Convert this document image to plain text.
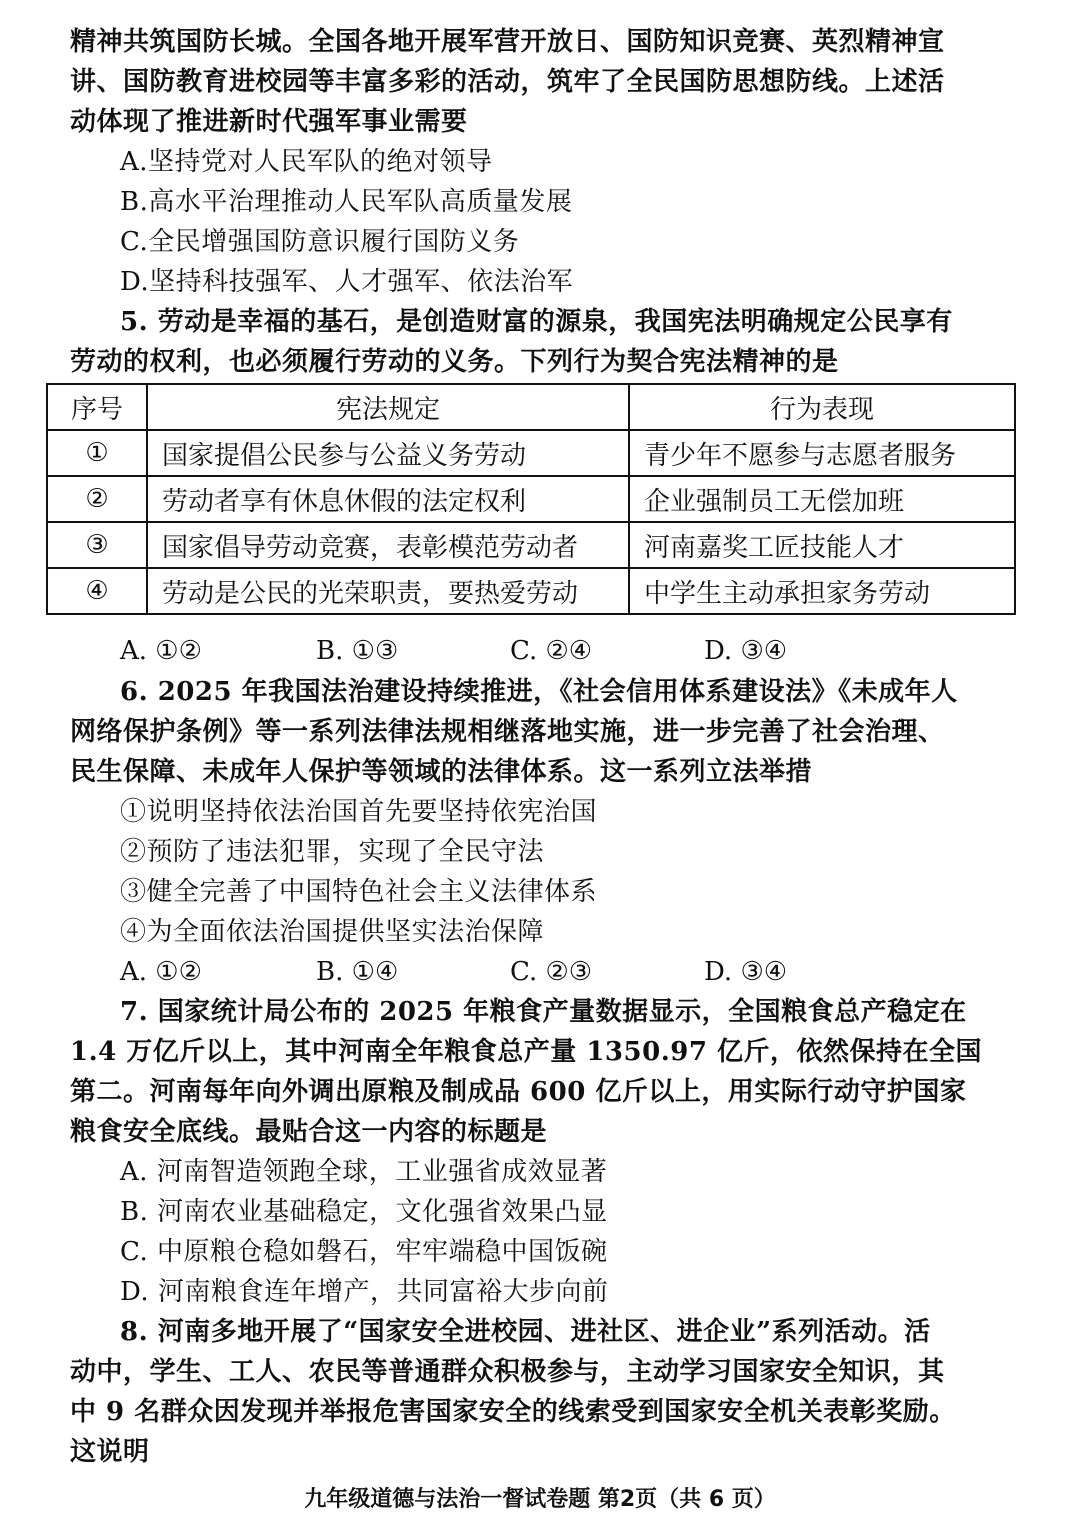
精神共筑国防长城。全国各地开展军营开放日、国防知识竞赛、英烈精神宣
讲、国防教育进校园等丰富多彩的活动，筑牢了全民国防思想防线。上述活
动体现了推进新时代强军事业需要
A.坚持党对人民军队的绝对领导
B.高水平治理推动人民军队高质量发展
C.全民增强国防意识履行国防义务
D.坚持科技强军、人才强军、依法治军
5. 劳动是幸福的基石，是创造财富的源泉，我国宪法明确规定公民享有
劳动的权利，也必须履行劳动的义务。下列行为契合宪法精神的是
序号	宪法规定	行为表现
①	国家提倡公民参与公益义务劳动	青少年不愿参与志愿者服务
②	劳动者享有休息休假的法定权利	企业强制员工无偿加班
③	国家倡导劳动竞赛，表彰模范劳动者	河南嘉奖工匠技能人才
④	劳动是公民的光荣职责，要热爱劳动	中学生主动承担家务劳动
A. ①②	B. ①③	C. ②④	D. ③④
6. 2025 年我国法治建设持续推进，《社会信用体系建设法》《未成年人
网络保护条例》等一系列法律法规相继落地实施，进一步完善了社会治理、
民生保障、未成年人保护等领域的法律体系。这一系列立法举措
①说明坚持依法治国首先要坚持依宪治国
②预防了违法犯罪，实现了全民守法
③健全完善了中国特色社会主义法律体系
④为全面依法治国提供坚实法治保障
A. ①②	B. ①④	C. ②③	D. ③④
7. 国家统计局公布的 2025 年粮食产量数据显示，全国粮食总产稳定在
1.4 万亿斤以上，其中河南全年粮食总产量 1350.97 亿斤，依然保持在全国
第二。河南每年向外调出原粮及制成品 600 亿斤以上，用实际行动守护国家
粮食安全底线。最贴合这一内容的标题是
A. 河南智造领跑全球，工业强省成效显著
B. 河南农业基础稳定，文化强省效果凸显
C. 中原粮仓稳如磐石，牢牢端稳中国饭碗
D. 河南粮食连年增产，共同富裕大步向前
8. 河南多地开展了“国家安全进校园、进社区、进企业”系列活动。活
动中，学生、工人、农民等普通群众积极参与，主动学习国家安全知识，其
中 9 名群众因发现并举报危害国家安全的线索受到国家安全机关表彰奖励。
这说明
九年级道德与法治一督试卷题 第2页（共 6 页）
